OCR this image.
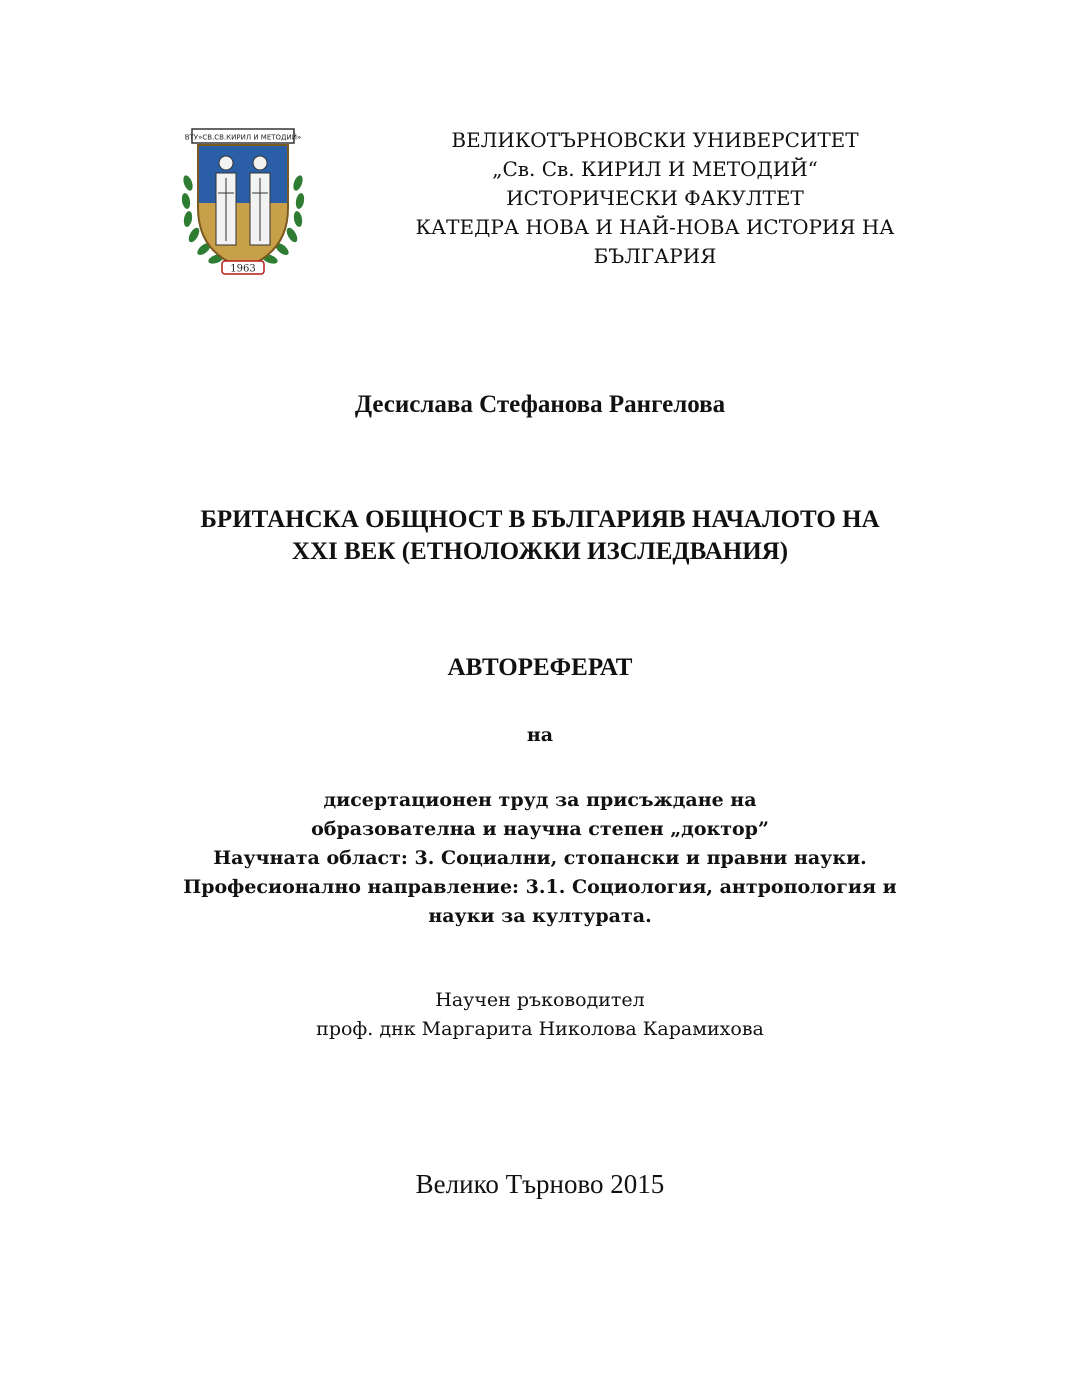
ВТУ»СВ.СВ.КИРИЛ И МЕТОДИЙ»
1963
ВЕЛИКОТЪРНОВСКИ УНИВЕРСИТЕТ
„Св. Св. КИРИЛ И МЕТОДИЙ“
ИСТОРИЧЕСКИ ФАКУЛТЕТ
КАТЕДРА НОВА И НАЙ-НОВА ИСТОРИЯ НА
БЪЛГАРИЯ
Десислава Стефанова Рангелова
БРИТАНСКА ОБЩНОСТ В БЪЛГАРИЯВ НАЧАЛОТО НА
XXI ВЕК (ЕТНОЛОЖКИ ИЗСЛЕДВАНИЯ)
АВТОРЕФЕРАТ
на
дисертационен труд за присъждане на
образователна и научна степен „доктор”
Научната област: 3. Социални, стопански и правни науки.
Професионално направление: 3.1. Социология, антропология и
науки за културата.
Научен ръководител
проф. днк Маргарита Николова Карамихова
Велико Търново 2015
